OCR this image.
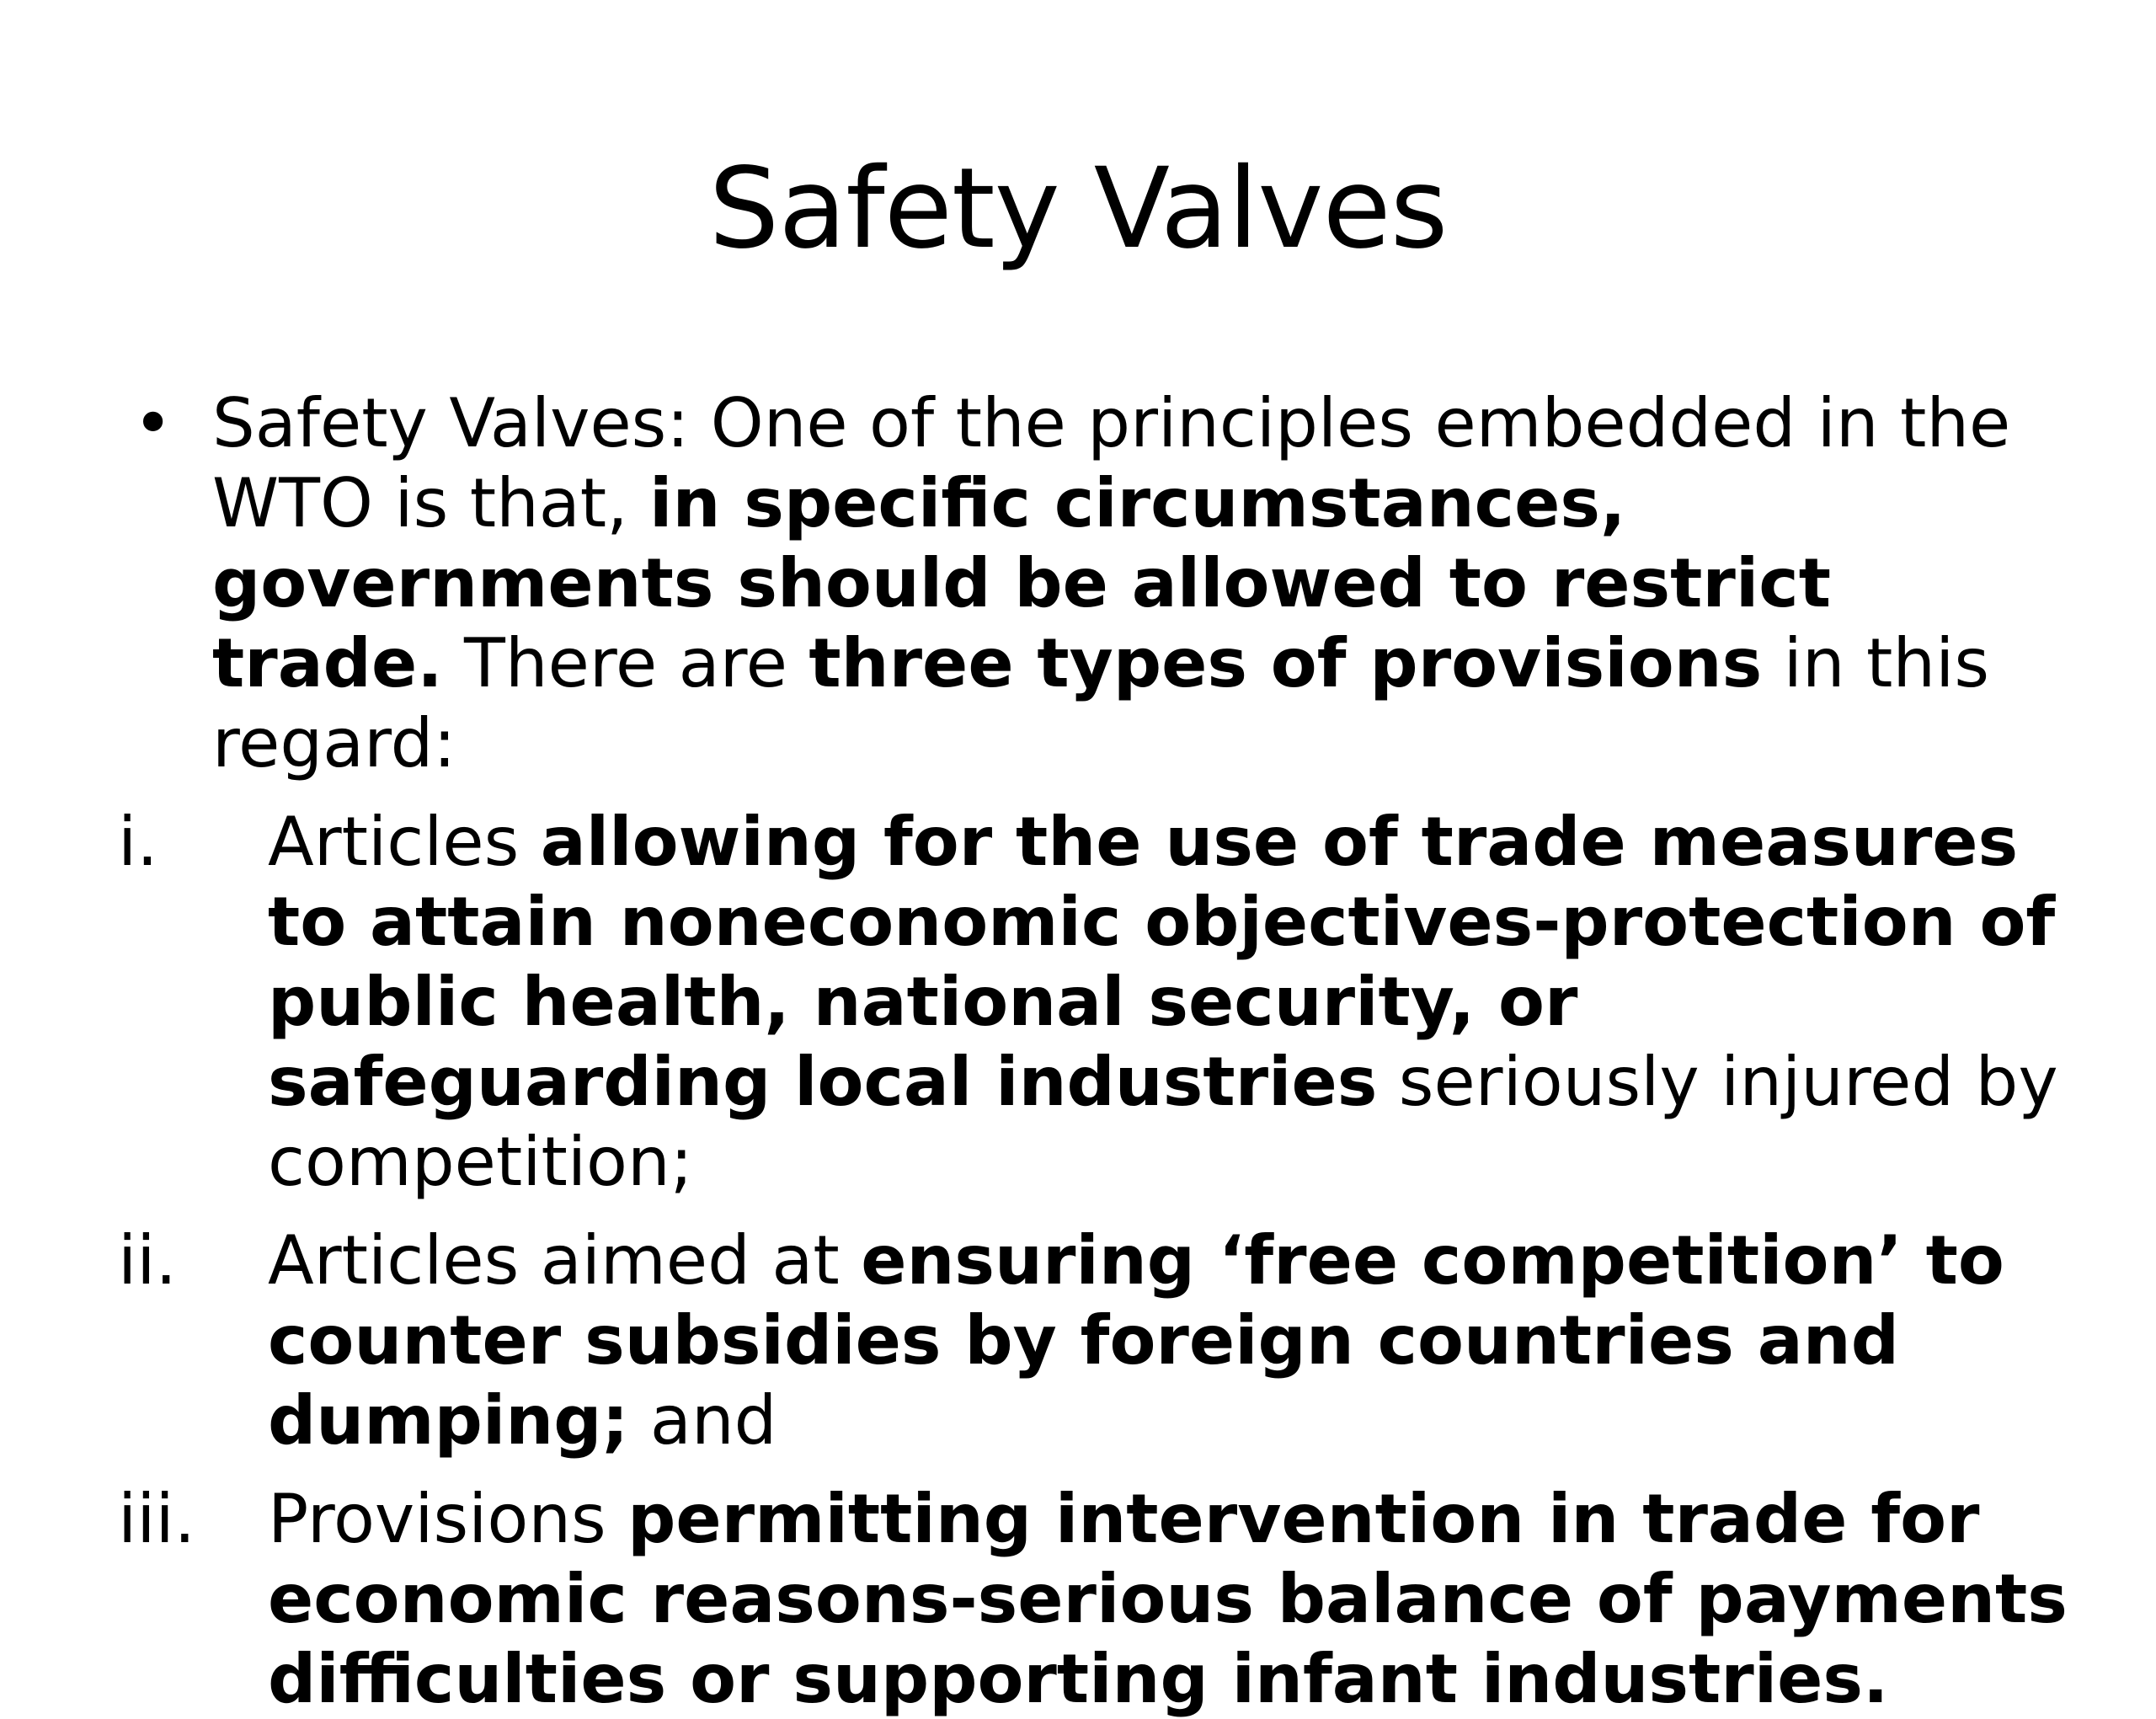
Safety Valves

• Safety Valves: One of the principles embedded in the WTO is that, in specific circumstances, governments should be allowed to restrict trade. There are three types of provisions in this regard:

i. Articles allowing for the use of trade measures to attain noneconomic objectives-protection of public health, national security, or safeguarding local industries seriously injured by competition;

ii. Articles aimed at ensuring ‘free competition’ to counter subsidies by foreign countries and dumping; and

iii. Provisions permitting intervention in trade for economic reasons-serious balance of payments difficulties or supporting infant industries.
